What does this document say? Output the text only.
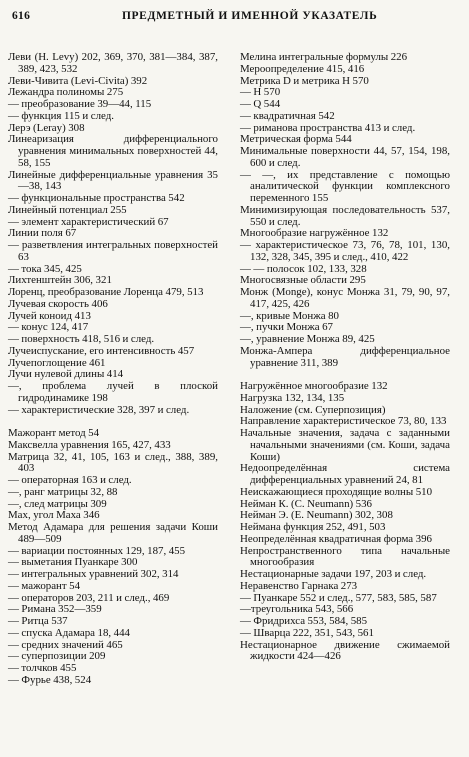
616	ПРЕДМЕТНЫЙ И ИМЕННОЙ УКАЗАТЕЛЬ
Леви (H. Levy) 202, 369, 370, 381—384, 387, 389, 423, 532
Леви-Чивита (Levi-Civita) 392
Лежандра полиномы 275
— преобразование 39—44, 115
— функция 115 и след.
Лерэ (Leray) 308
Линеаризация дифференциального уравнения минимальных поверхностей 44, 58, 155
Линейные дифференциальные уравнения 35—38, 143
— функциональные пространства 542
Линейный потенциал 255
— элемент характеристический 67
Линии поля 67
— разветвления интегральных поверхностей 63
— тока 345, 425
Лихтенштейн 306, 321
Лоренц, преобразование Лоренца 479, 513
Лучевая скорость 406
Лучей коноид 413
— конус 124, 417
— поверхность 418, 516 и след.
Лучеиспускание, его интенсивность 457
Лучепоглощение 461
Лучи нулевой длины 414
—, проблема лучей в плоской гидродинамике 198
— характеристические 328, 397 и след.
Мажорант метод 54
Максвелла уравнения 165, 427, 433
Матрица 32, 41, 105, 163 и след., 388, 389, 403
— операторная 163 и след.
—, ранг матрицы 32, 88
—, след матрицы 309
Мах, угол Маха 346
Метод Адамара для решения задачи Коши 489—509
— вариации постоянных 129, 187, 455
— выметания Пуанкаре 300
— интегральных уравнений 302, 314
— мажорант 54
— операторов 203, 211 и след., 469
— Римана 352—359
— Ритца 537
— спуска Адамара 18, 444
— средних значений 465
— суперпозиции 209
— толчков 455
— Фурье 438, 524
Мелина интегральные формулы 226
Мероопределение 415, 416
Метрика D и метрика H 570
— H 570
— Q 544
— квадратичная 542
— риманова пространства 413 и след.
Метрическая форма 544
Минимальные поверхности 44, 57, 154, 198, 600 и след.
— —, их представление с помощью аналитической функции комплексного переменного 155
Минимизирующая последовательность 537, 550 и след.
Многообразие нагружённое 132
— характеристическое 73, 76, 78, 101, 130, 132, 328, 345, 395 и след., 410, 422
— — полосок 102, 133, 328
Многосвязные области 295
Монж (Monge), конус Монжа 31, 79, 90, 97, 417, 425, 426
—, кривые Монжа 80
—, пучки Монжа 67
—, уравнение Монжа 89, 425
Монжа-Ампера дифференциальное уравнение 311, 389
Нагружённое многообразие 132
Нагрузка 132, 134, 135
Наложение (см. Суперпозиция)
Направление характеристическое 73, 80, 133
Начальные значения, задача с заданными начальными значениями (см. Коши, задача Коши)
Недоопределённая система дифференциальных уравнений 24, 81
Неискажающиеся проходящие волны 510
Нейман К. (C. Neumann) 536
Нейман Э. (E. Neumann) 302, 308
Неймана функция 252, 491, 503
Неопределённая квадратичная форма 396
Непространственного типа начальные многообразия
Нестационарные задачи 197, 203 и след.
Неравенство Гарнака 273
— Пуанкаре 552 и след., 577, 583, 585, 587
—треугольника 543, 566
— Фридрихса 553, 584, 585
— Шварца 222, 351, 543, 561
Нестационарное движение сжимаемой жидкости 424—426
